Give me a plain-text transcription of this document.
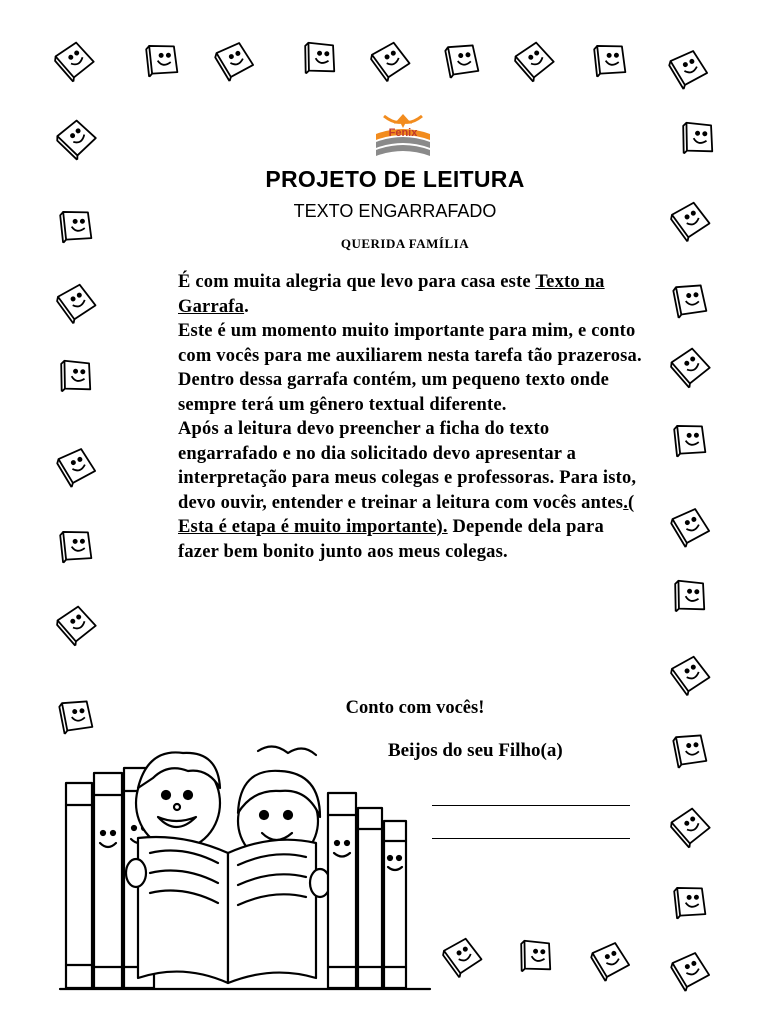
Fenix
PROJETO DE LEITURA
TEXTO ENGARRAFADO
QUERIDA FAMÍLIA

É com muita alegria que levo para casa este Texto na Garrafa.

Este é um momento muito importante para mim, e conto com vocês para me auxiliarem nesta tarefa tão prazerosa.

Dentro dessa garrafa contém, um pequeno texto onde sempre terá um gênero textual diferente.

Após a leitura devo preencher a ficha do texto engarrafado e no dia solicitado devo apresentar a interpretação para meus colegas e professoras. Para isto, devo ouvir, entender e treinar a leitura com vocês antes.( Esta é etapa é muito importante). Depende dela para fazer bem bonito junto aos meus colegas.

Conto com vocês!
Beijos do seu Filho(a)
